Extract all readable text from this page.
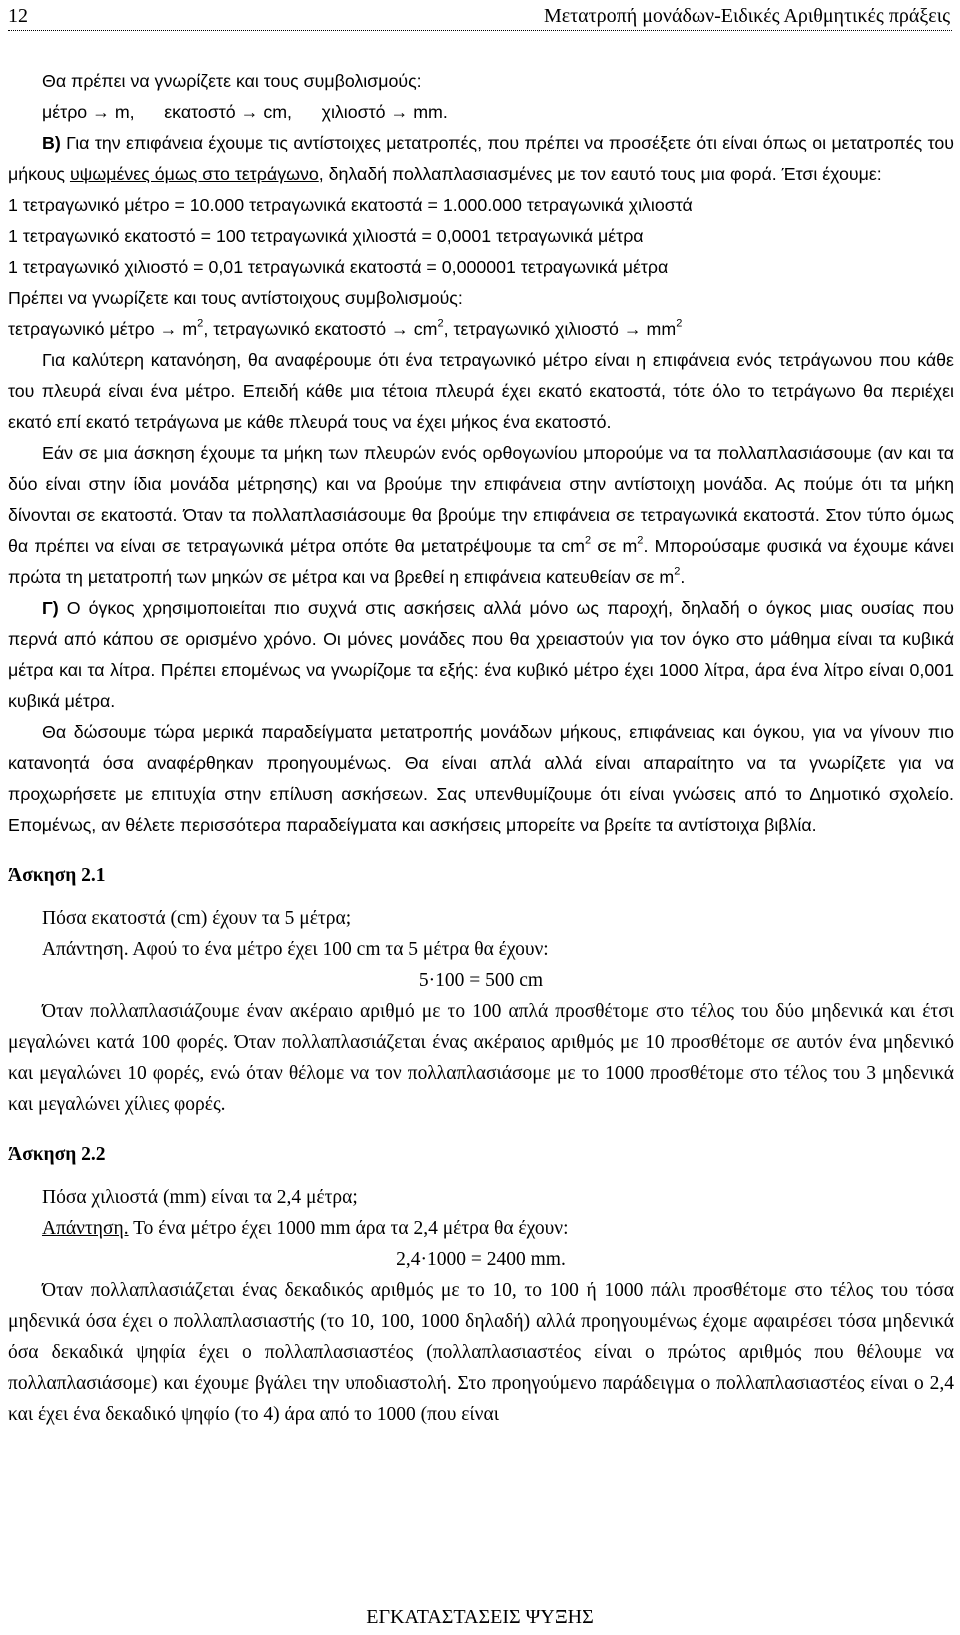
12	Μετατροπή μονάδων-Ειδικές Αριθμητικές πράξεις

Θα πρέπει να γνωρίζετε και τους συμβολισμούς:

μέτρο → m,      εκατοστό → cm,      χιλιοστό → mm.

Β) Για την επιφάνεια έχουμε τις αντίστοιχες μετατροπές, που πρέπει να προσέξετε ότι είναι όπως οι μετατροπές του μήκους υψωμένες όμως στο τετράγωνο, δηλαδή πολλαπλασιασμένες με τον εαυτό τους μια φορά. Έτσι έχουμε:

1 τετραγωνικό μέτρο = 10.000 τετραγωνικά εκατοστά = 1.000.000 τετραγωνικά χιλιοστά

1 τετραγωνικό εκατοστό = 100 τετραγωνικά χιλιοστά = 0,0001 τετραγωνικά μέτρα

1 τετραγωνικό χιλιοστό = 0,01 τετραγωνικά εκατοστά = 0,000001 τετραγωνικά μέτρα

Πρέπει να γνωρίζετε και τους αντίστοιχους συμβολισμούς:

τετραγωνικό $\mu έ\tau\rho o \to m^2$, τετραγωνικό $\varepsilon\kappa\alpha\tau o\sigma\tau ό \to cm^2$, τετραγωνικό $\chi\iota\lambda\iota o\sigma\tau ό \to mm^2$

Για καλύτερη κατανόηση, θα αναφέρουμε ότι ένα τετραγωνικό μέτρο είναι η επιφάνεια ενός τετράγωνου που κάθε του πλευρά είναι ένα μέτρο. Επειδή κάθε μια τέτοια πλευρά έχει εκατό εκατοστά, τότε όλο το τετράγωνο θα περιέχει εκατό επί εκατό τετράγωνα με κάθε πλευρά τους να έχει μήκος ένα εκατοστό.

Εάν σε μια άσκηση έχουμε τα μήκη των πλευρών ενός ορθογωνίου μπορούμε να τα πολλαπλασιάσουμε (αν και τα δύο είναι στην ίδια μονάδα μέτρησης) και να βρούμε την επιφάνεια στην αντίστοιχη μονάδα. Ας πούμε ότι τα μήκη δίνονται σε εκατοστά. Όταν τα πολλαπλασιάσουμε θα βρούμε την επιφάνεια σε τετραγωνικά εκατοστά. Στον τύπο όμως θα πρέπει να είναι σε τετραγωνικά μέτρα οπότε θα μετατρέψουμε τα $cm^2$ σε $m^2$. Μπορούσαμε φυσικά να έχουμε κάνει πρώτα τη μετατροπή των μηκών σε μέτρα και να βρεθεί η επιφάνεια κατευθείαν σε $m^2$.

Γ) Ο όγκος χρησιμοποιείται πιο συχνά στις ασκήσεις αλλά μόνο ως παροχή, δηλαδή ο όγκος μιας ουσίας που περνά από κάπου σε ορισμένο χρόνο. Οι μόνες μονάδες που θα χρειαστούν για τον όγκο στο μάθημα είναι τα κυβικά μέτρα και τα λίτρα. Πρέπει επομένως να γνωρίζομε τα εξής: ένα κυβικό μέτρο έχει 1000 λίτρα, άρα ένα λίτρο είναι 0,001 κυβικά μέτρα.

Θα δώσουμε τώρα μερικά παραδείγματα μετατροπής μονάδων μήκους, επιφάνειας και όγκου, για να γίνουν πιο κατανοητά όσα αναφέρθηκαν προηγουμένως. Θα είναι απλά αλλά είναι απαραίτητο να τα γνωρίζετε για να προχωρήσετε με επιτυχία στην επίλυση ασκήσεων. Σας υπενθυμίζουμε ότι είναι γνώσεις από το Δημοτικό σχολείο. Επομένως, αν θέλετε περισσότερα παραδείγματα και ασκήσεις μπορείτε να βρείτε τα αντίστοιχα βιβλία.

Άσκηση 2.1

Πόσα εκατοστά (cm) έχουν τα 5 μέτρα;

Απάντηση. Αφού το ένα μέτρο έχει 100 cm τα 5 μέτρα θα έχουν:

5·100 = 500 cm

Όταν πολλαπλασιάζουμε έναν ακέραιο αριθμό με το 100 απλά προσθέτομε στο τέλος του δύο μηδενικά και έτσι μεγαλώνει κατά 100 φορές. Όταν πολλαπλασιάζεται ένας ακέραιος αριθμός με 10 προσθέτομε σε αυτόν ένα μηδενικό και μεγαλώνει 10 φορές, ενώ όταν θέλομε να τον πολλαπλασιάσομε με το 1000 προσθέτομε στο τέλος του 3 μηδενικά και μεγαλώνει χίλιες φορές.

Άσκηση 2.2

Πόσα χιλιοστά (mm) είναι τα 2,4 μέτρα;

Απάντηση. Το ένα μέτρο έχει 1000 mm άρα τα 2,4 μέτρα θα έχουν:

2,4·1000 = 2400 mm.

Όταν πολλαπλασιάζεται ένας δεκαδικός αριθμός με το 10, το 100 ή 1000 πάλι προσθέτομε στο τέλος του τόσα μηδενικά όσα έχει ο πολλαπλασιαστής (το 10, 100, 1000 δηλαδή) αλλά προηγουμένως έχομε αφαιρέσει τόσα μηδενικά όσα δεκαδικά ψηφία έχει ο πολλαπλασιαστέος (πολλαπλασιαστέος είναι ο πρώτος αριθμός που θέλουμε να πολλαπλασιάσομε) και έχουμε βγάλει την υποδιαστολή. Στο προηγούμενο παράδειγμα ο πολλαπλασιαστέος είναι ο 2,4 και έχει ένα δεκαδικό ψηφίο (το 4) άρα από το 1000 (που είναι

ΕΓΚΑΤΑΣΤΑΣΕΙΣ ΨΥΞΗΣ
